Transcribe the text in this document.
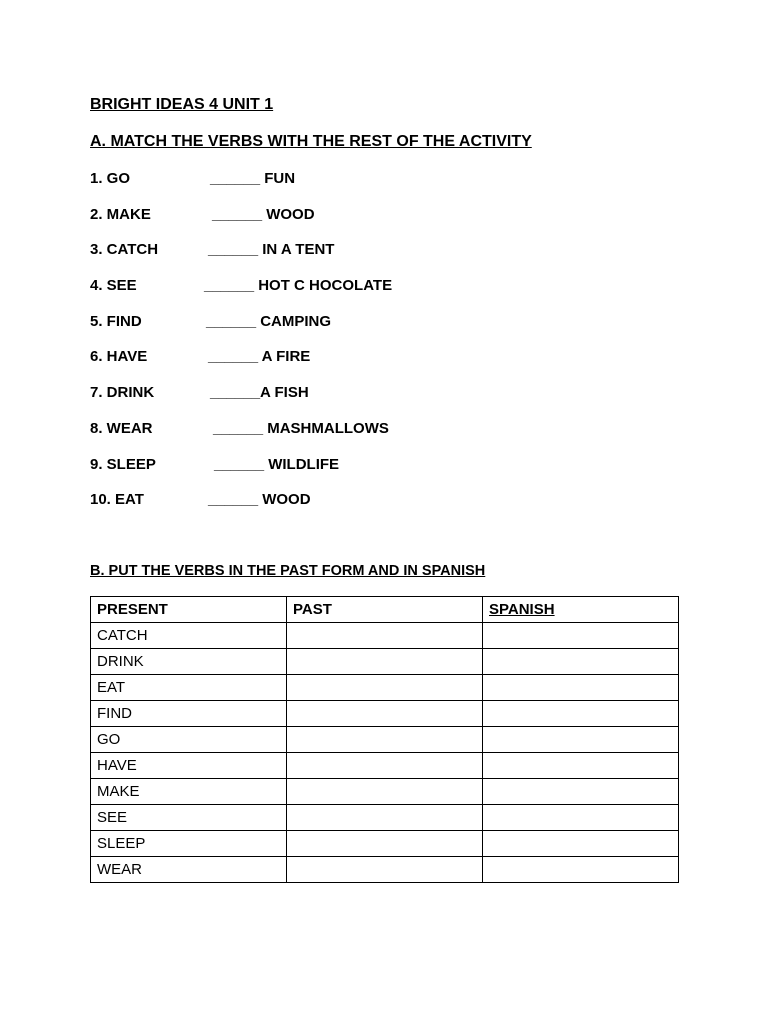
BRIGHT IDEAS 4 UNIT 1
A. MATCH THE VERBS WITH THE REST OF THE ACTIVITY
1. GO	______ FUN
2. MAKE	______ WOOD
3. CATCH	______ IN A TENT
4. SEE	______ HOT C HOCOLATE
5. FIND	______ CAMPING
6. HAVE	______ A FIRE
7. DRINK	______A FISH
8. WEAR	______ MASHMALLOWS
9. SLEEP	______ WILDLIFE
10. EAT	______ WOOD
B. PUT THE VERBS IN THE PAST FORM AND IN SPANISH
PRESENT	PAST	SPANISH
CATCH		
DRINK		
EAT		
FIND		
GO		
HAVE		
MAKE		
SEE		
SLEEP		
WEAR		
